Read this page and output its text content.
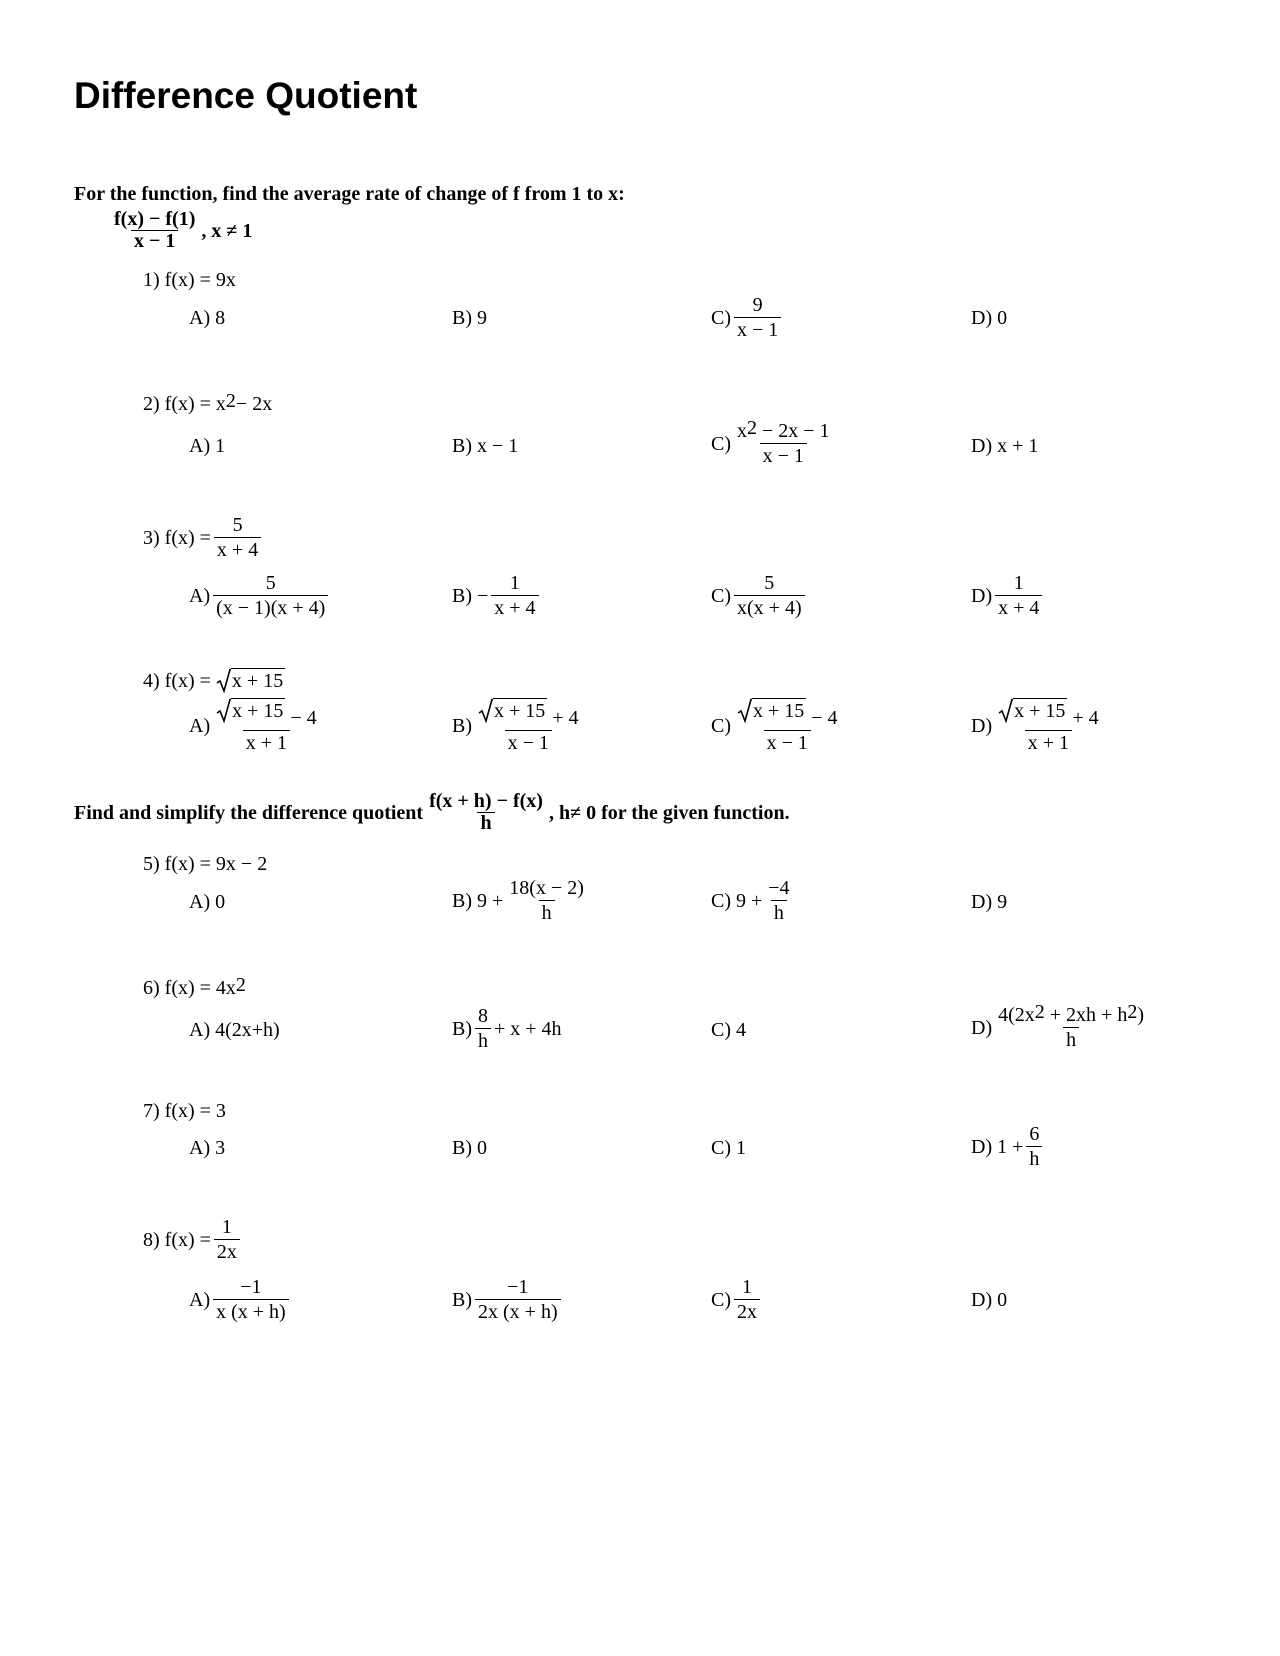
Difference Quotient
For the function, find the average rate of change of f from 1 to x:
$\frac{f(x) - f(1)}{x - 1}$ , x ≠ 1
1) f(x) = 9x
A) 8	B) 9	$C) \frac{9}{x - 1}$	D) 0
2) $f(x) = x^2 - 2x$
A) 1	B) x − 1	$C) \frac{x^2 - 2x - 1}{x - 1}$	D) x + 1
3) $f(x) = \frac{5}{x + 4}$
$A) \frac{5}{(x - 1)(x + 4)}$	$B) - \frac{1}{x + 4}$	$C) \frac{5}{x(x + 4)}$	$D) \frac{1}{x + 4}$
4) f(x) = x + 15
$A) \frac{x + 15 - 4}{x + 1}$	$B) \frac{x + 15 + 4}{x - 1}$	$C) \frac{x + 15 - 4}{x - 1}$	$D) \frac{x + 15 + 4}{x + 1}$
Find and simplify the difference quotient $\frac{f(x + h) - f(x)}{h}$ , h≠ 0 for the given function.
5) f(x) = 9x − 2
A) 0	B) $9 + \frac{18(x - 2)}{h}$	C) $9 + \frac{-4}{h}$	D) 9
6) $f(x) = 4x^2$
A) 4(2x+h)	$B) \frac{8}{h} + x + 4h$	C) 4	$D) \frac{4(2x^2 + 2xh + h^2)}{h}$
7) f(x) = 3
A) 3	B) 0	C) 1	D) $1 + \frac{6}{h}$
8) $f(x) = \frac{1}{2x}$
$A) \frac{-1}{x (x + h)}$	$B) \frac{-1}{2x (x + h)}$	$C) \frac{1}{2x}$	D) 0
